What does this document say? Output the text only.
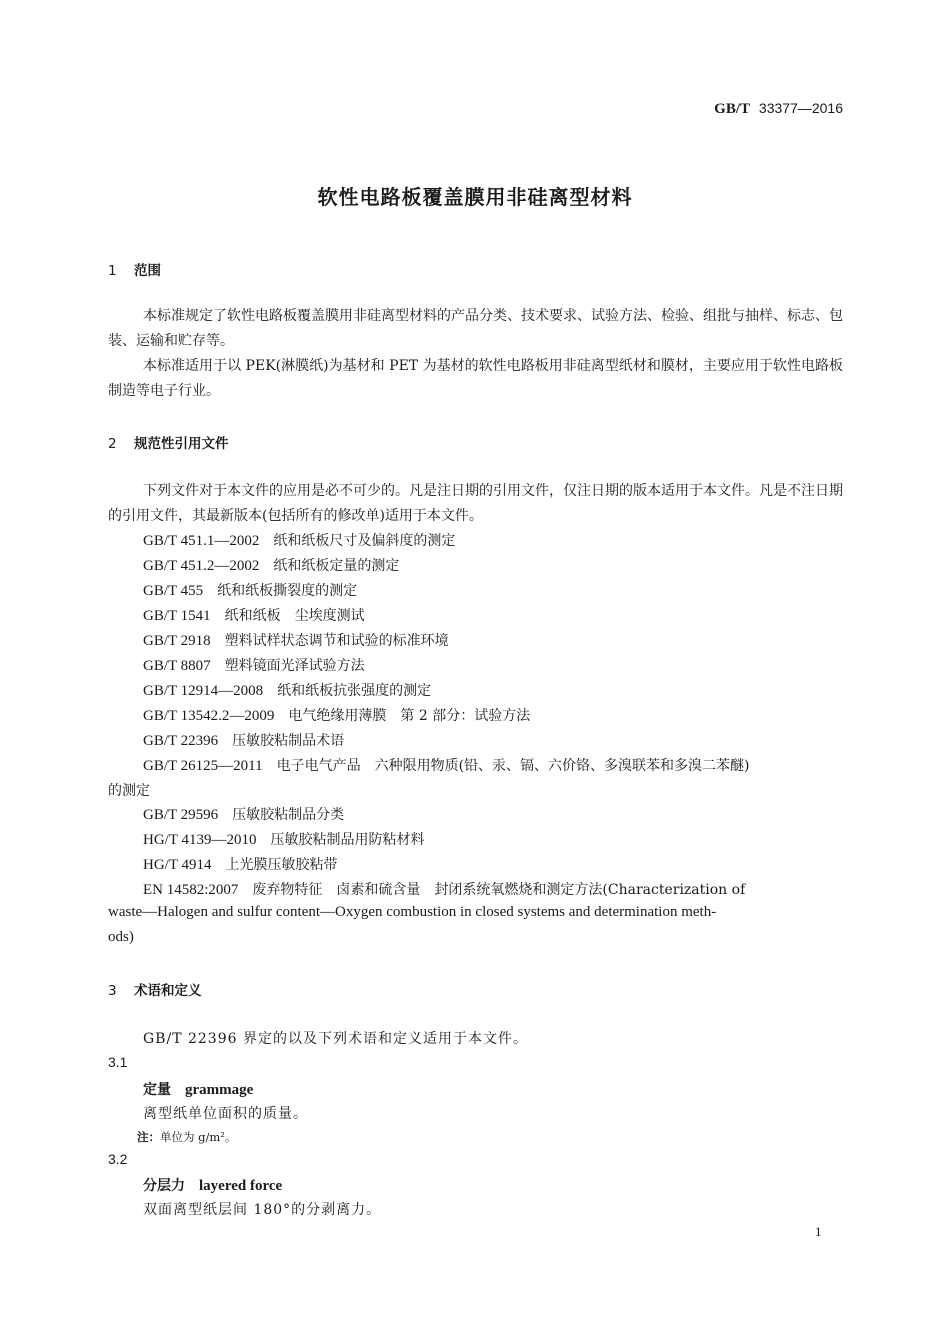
GB/T 33377—2016
软性电路板覆盖膜用非硅离型材料
1 范围
本标准规定了软性电路板覆盖膜用非硅离型材料的产品分类、技术要求、试验方法、检验、组批与抽样、标志、包装、运输和贮存等。
本标准适用于以 PEK(淋膜纸)为基材和 PET 为基材的软性电路板用非硅离型纸材和膜材，主要应用于软性电路板制造等电子行业。
2 规范性引用文件
下列文件对于本文件的应用是必不可少的。凡是注日期的引用文件，仅注日期的版本适用于本文件。凡是不注日期的引用文件，其最新版本(包括所有的修改单)适用于本文件。
GB/T 451.1—2002 纸和纸板尺寸及偏斜度的测定
GB/T 451.2—2002 纸和纸板定量的测定
GB/T 455 纸和纸板撕裂度的测定
GB/T 1541 纸和纸板　尘埃度测试
GB/T 2918 塑料试样状态调节和试验的标准环境
GB/T 8807 塑料镜面光泽试验方法
GB/T 12914—2008 纸和纸板抗张强度的测定
GB/T 13542.2—2009 电气绝缘用薄膜　第 2 部分：试验方法
GB/T 22396 压敏胶粘制品术语
GB/T 26125—2011 电子电气产品　六种限用物质(铅、汞、镉、六价铬、多溴联苯和多溴二苯醚)
的测定
GB/T 29596 压敏胶粘制品分类
HG/T 4139—2010 压敏胶粘制品用防粘材料
HG/T 4914 上光膜压敏胶粘带
EN 14582:2007 废弃物特征　卤素和硫含量　封闭系统氧燃烧和测定方法(Characterization of
waste—Halogen and sulfur content—Oxygen combustion in closed systems and determination meth-
ods)
3 术语和定义
GB/T 22396 界定的以及下列术语和定义适用于本文件。
3.1
定量 grammage
离型纸单位面积的质量。
注：单位为 g/m²。
3.2
分层力 layered force
双面离型纸层间 180°的分剥离力。
1
